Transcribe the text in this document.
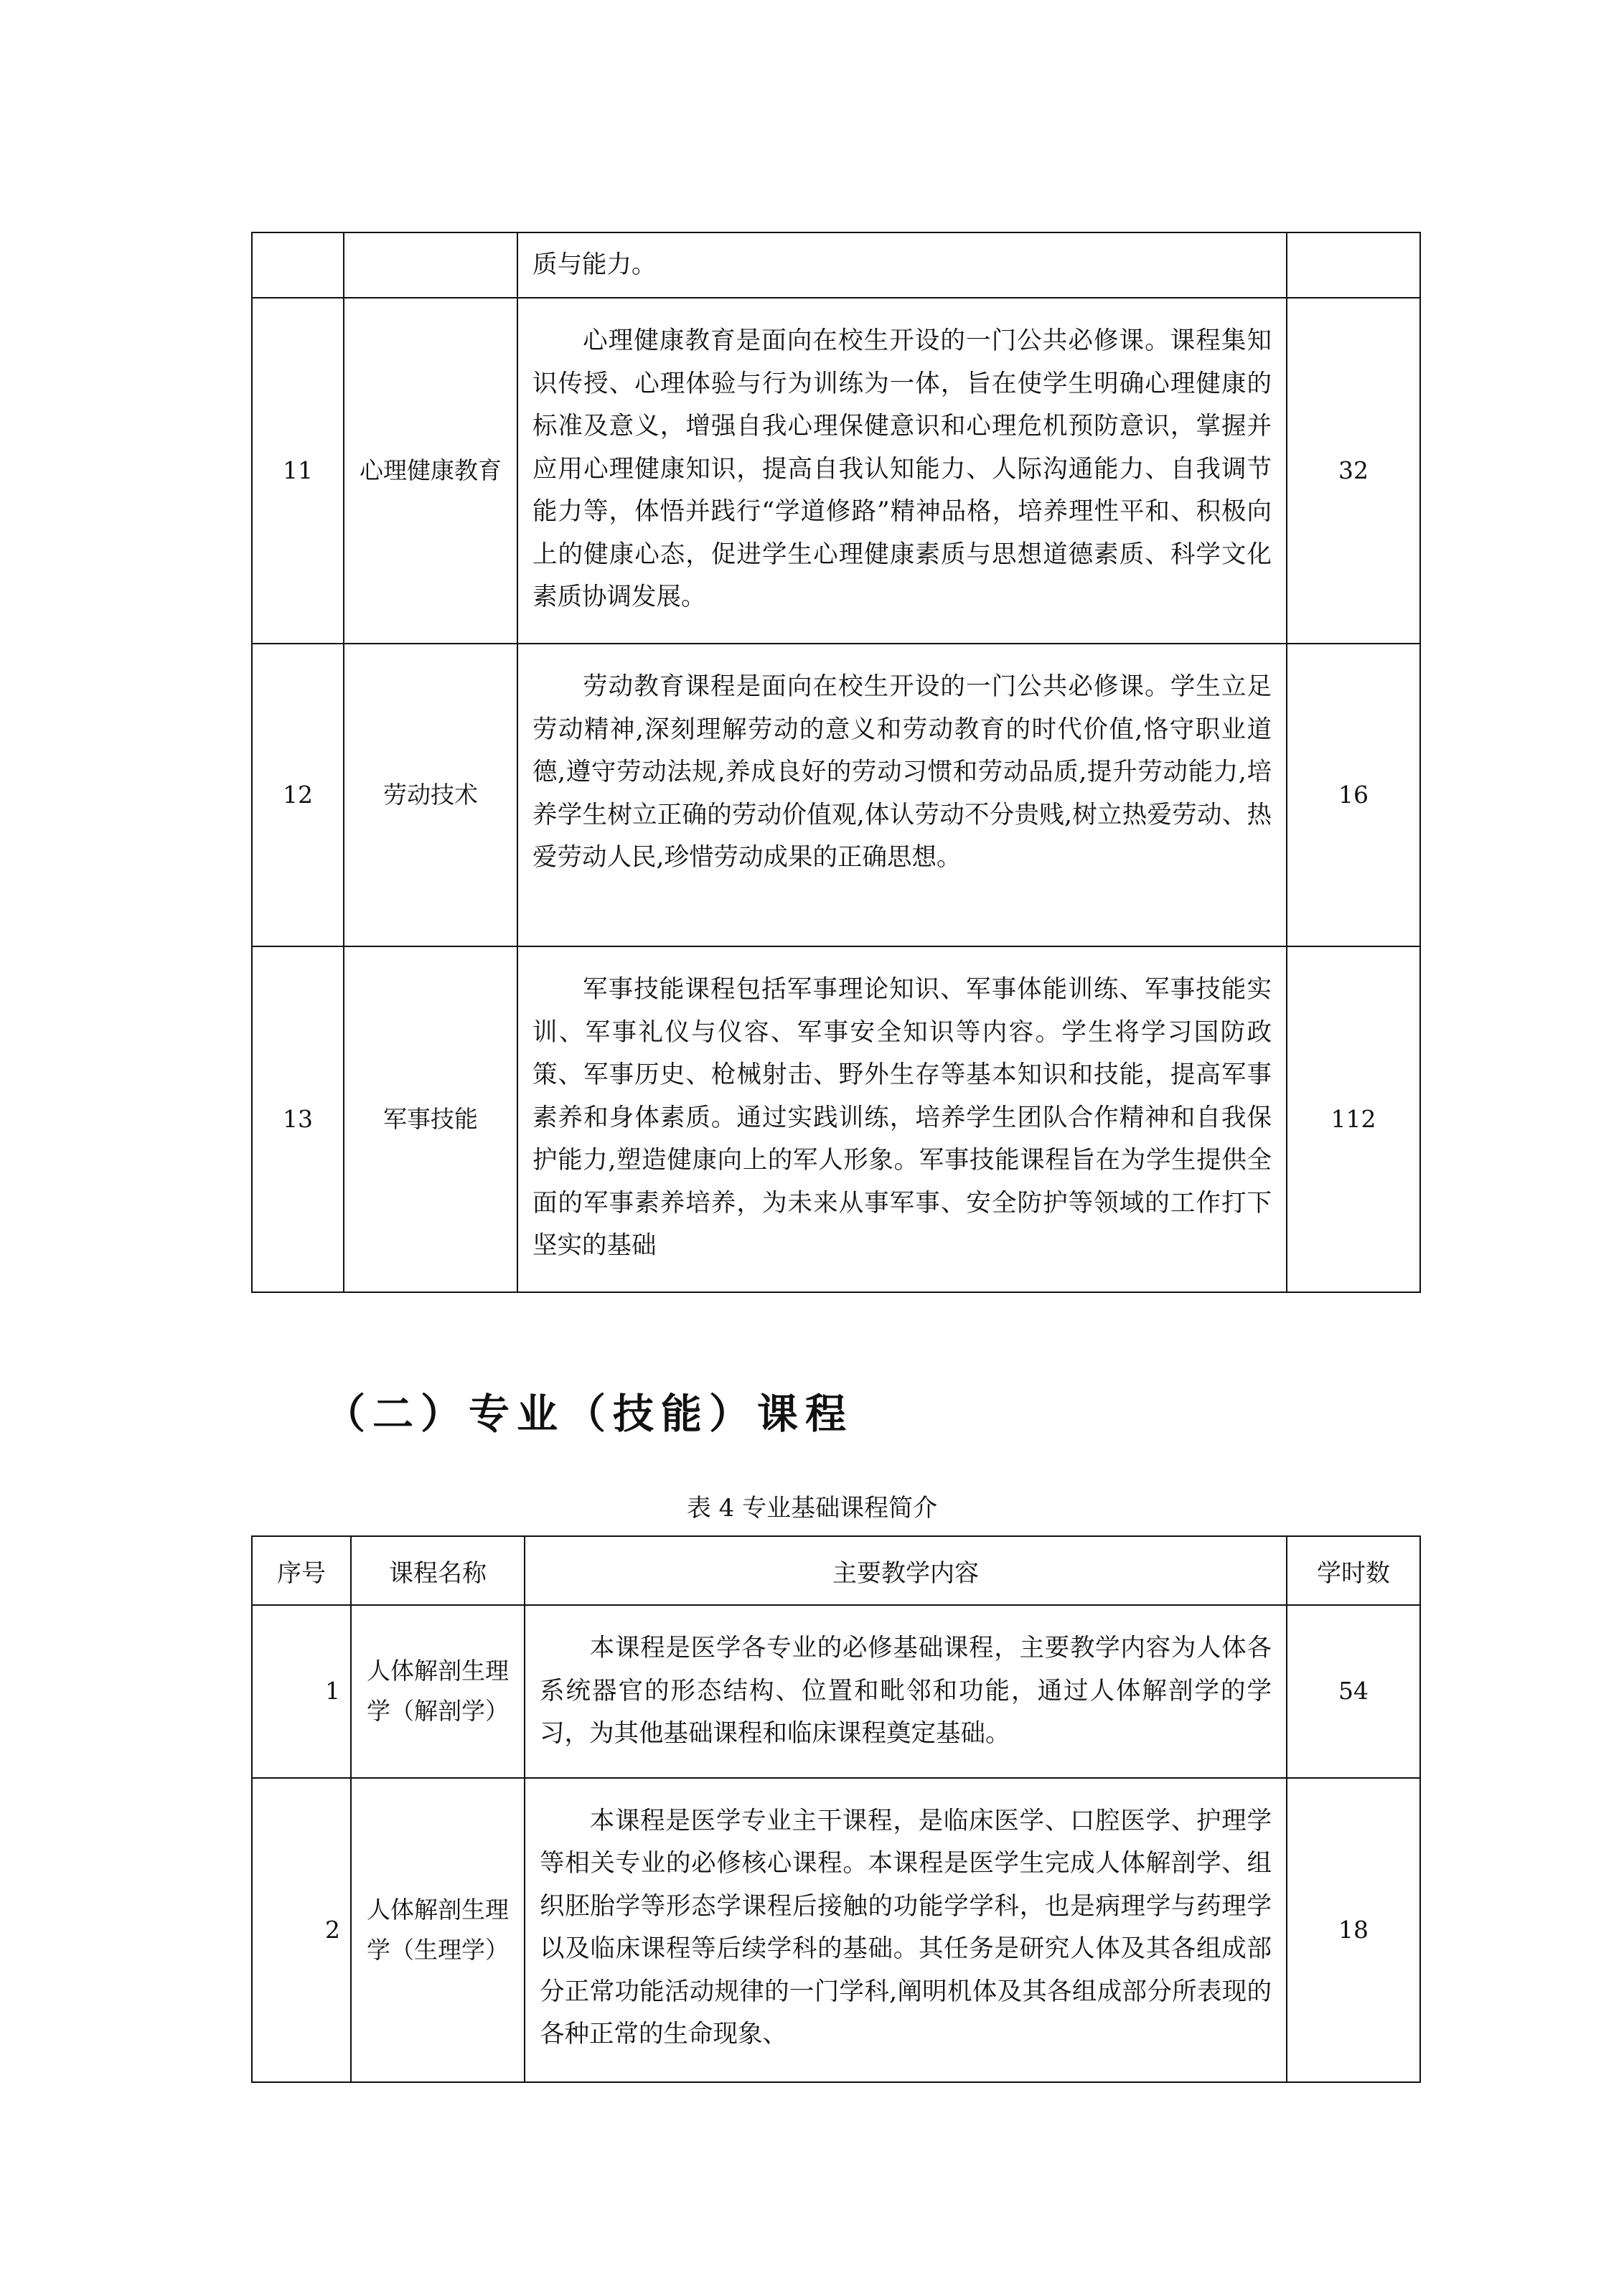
		质与能力。	
11	心理健康教育	心理健康教育是面向在校生开设的一门公共必修课。课程集知识传授、心理体验与行为训练为一体，旨在使学生明确心理健康的标准及意义，增强自我心理保健意识和心理危机预防意识，掌握并应用心理健康知识，提高自我认知能力、人际沟通能力、自我调节能力等，体悟并践行“学道修路”精神品格，培养理性平和、积极向上的健康心态，促进学生心理健康素质与思想道德素质、科学文化素质协调发展。	32
12	劳动技术	劳动教育课程是面向在校生开设的一门公共必修课。学生立足劳动精神,深刻理解劳动的意义和劳动教育的时代价值,恪守职业道德,遵守劳动法规,养成良好的劳动习惯和劳动品质,提升劳动能力,培养学生树立正确的劳动价值观,体认劳动不分贵贱,树立热爱劳动、热爱劳动人民,珍惜劳动成果的正确思想。	16
13	军事技能	军事技能课程包括军事理论知识、军事体能训练、军事技能实训、军事礼仪与仪容、军事安全知识等内容。学生将学习国防政策、军事历史、枪械射击、野外生存等基本知识和技能，提高军事素养和身体素质。通过实践训练，培养学生团队合作精神和自我保护能力,塑造健康向上的军人形象。军事技能课程旨在为学生提供全面的军事素养培养，为未来从事军事、安全防护等领域的工作打下坚实的基础	112
（二）专业（技能）课程

表 4 专业基础课程简介

序号	课程名称	主要教学内容	学时数
1	人体解剖生理学（解剖学）	本课程是医学各专业的必修基础课程，主要教学内容为人体各系统器官的形态结构、位置和毗邻和功能，通过人体解剖学的学习，为其他基础课程和临床课程奠定基础。	54
2	人体解剖生理学（生理学）	本课程是医学专业主干课程，是临床医学、口腔医学、护理学等相关专业的必修核心课程。本课程是医学生完成人体解剖学、组织胚胎学等形态学课程后接触的功能学学科，也是病理学与药理学以及临床课程等后续学科的基础。其任务是研究人体及其各组成部分正常功能活动规律的一门学科,阐明机体及其各组成部分所表现的各种正常的生命现象、	18
